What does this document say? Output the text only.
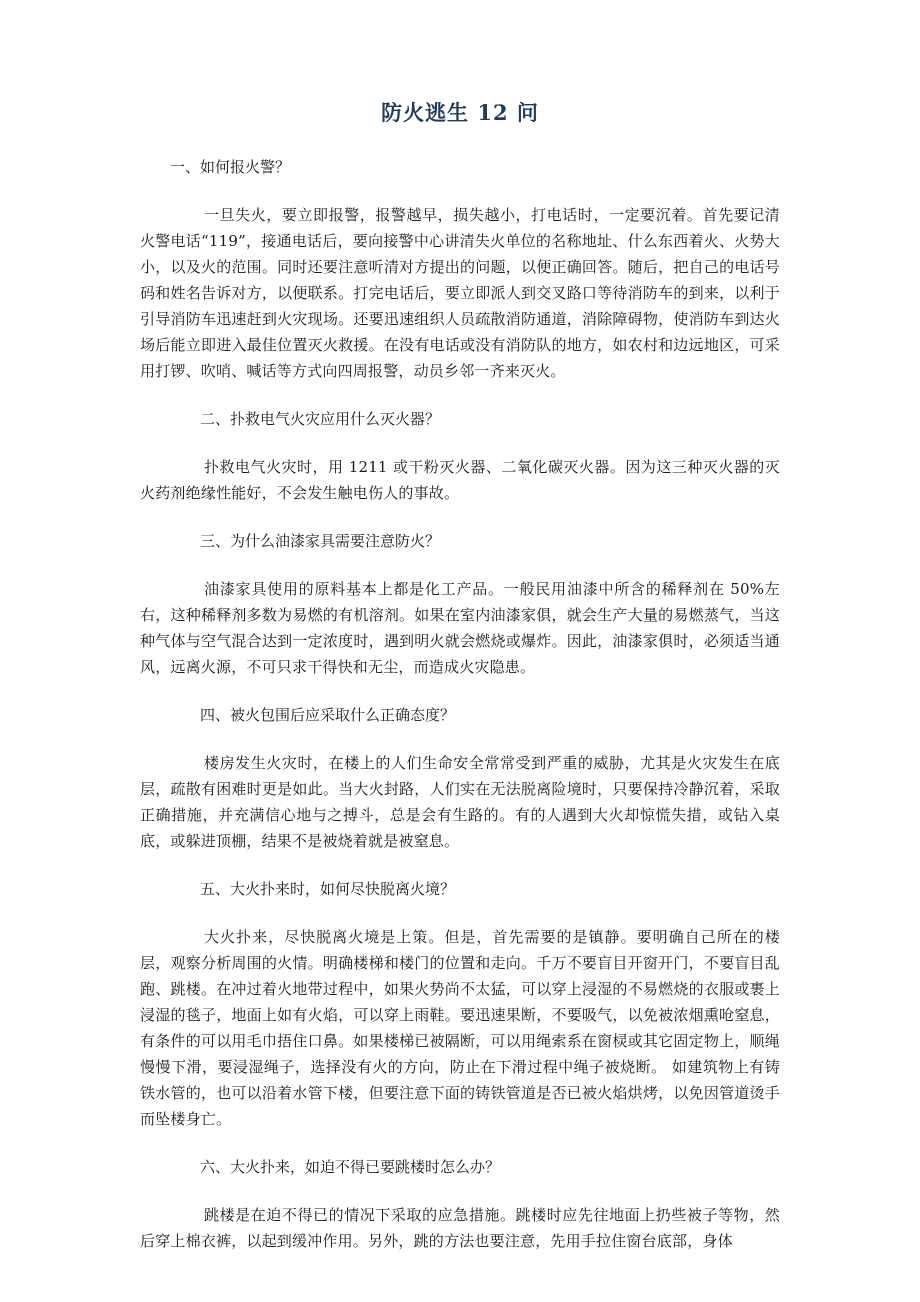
防火逃生 12 问

一、如何报火警？

一旦失火，要立即报警，报警越早，损失越小，打电话时，一定要沉着。首先要记清火警电话“119”，接通电话后，要向接警中心讲清失火单位的名称地址、什么东西着火、火势大小，以及火的范围。同时还要注意听清对方提出的问题，以便正确回答。随后，把自己的电话号码和姓名告诉对方，以便联系。打完电话后，要立即派人到交叉路口等待消防车的到来，以利于引导消防车迅速赶到火灾现场。还要迅速组织人员疏散消防通道，消除障碍物，使消防车到达火场后能立即进入最佳位置灭火救援。在没有电话或没有消防队的地方，如农村和边远地区，可采用打锣、吹哨、喊话等方式向四周报警，动员乡邻一齐来灭火。

二、扑救电气火灾应用什么灭火器？

扑救电气火灾时，用 1211 或干粉灭火器、二氧化碳灭火器。因为这三种灭火器的灭火药剂绝缘性能好，不会发生触电伤人的事故。

三、为什么油漆家具需要注意防火？

油漆家具使用的原料基本上都是化工产品。一般民用油漆中所含的稀释剂在 50%左右，这种稀释剂多数为易燃的有机溶剂。如果在室内油漆家俱，就会生产大量的易燃蒸气，当这种气体与空气混合达到一定浓度时，遇到明火就会燃烧或爆炸。因此，油漆家俱时，必须适当通风，远离火源，不可只求干得快和无尘，而造成火灾隐患。

四、被火包围后应采取什么正确态度？

楼房发生火灾时，在楼上的人们生命安全常常受到严重的威胁，尤其是火灾发生在底层，疏散有困难时更是如此。当大火封路，人们实在无法脱离险境时，只要保持冷静沉着，采取正确措施，并充满信心地与之搏斗，总是会有生路的。有的人遇到大火却惊慌失措，或钻入桌底，或躲进顶棚，结果不是被烧着就是被窒息。

五、大火扑来时，如何尽快脱离火境？

大火扑来，尽快脱离火境是上策。但是，首先需要的是镇静。要明确自己所在的楼层，观察分析周围的火情。明确楼梯和楼门的位置和走向。千万不要盲目开窗开门，不要盲目乱跑、跳楼。在冲过着火地带过程中，如果火势尚不太猛，可以穿上浸湿的不易燃烧的衣服或裹上浸湿的毯子，地面上如有火焰，可以穿上雨鞋。要迅速果断，不要吸气，以免被浓烟熏呛窒息，有条件的可以用毛巾捂住口鼻。如果楼梯已被隔断，可以用绳索系在窗棂或其它固定物上，顺绳慢慢下滑，要浸湿绳子，选择没有火的方向，防止在下滑过程中绳子被烧断。 如建筑物上有铸铁水管的，也可以沿着水管下楼，但要注意下面的铸铁管道是否已被火焰烘烤，以免因管道烫手而坠楼身亡。

六、大火扑来，如迫不得已要跳楼时怎么办？

跳楼是在迫不得已的情况下采取的应急措施。跳楼时应先往地面上扔些被子等物，然后穿上棉衣裤，以起到缓冲作用。另外，跳的方法也要注意，先用手拉住窗台底部，身体
